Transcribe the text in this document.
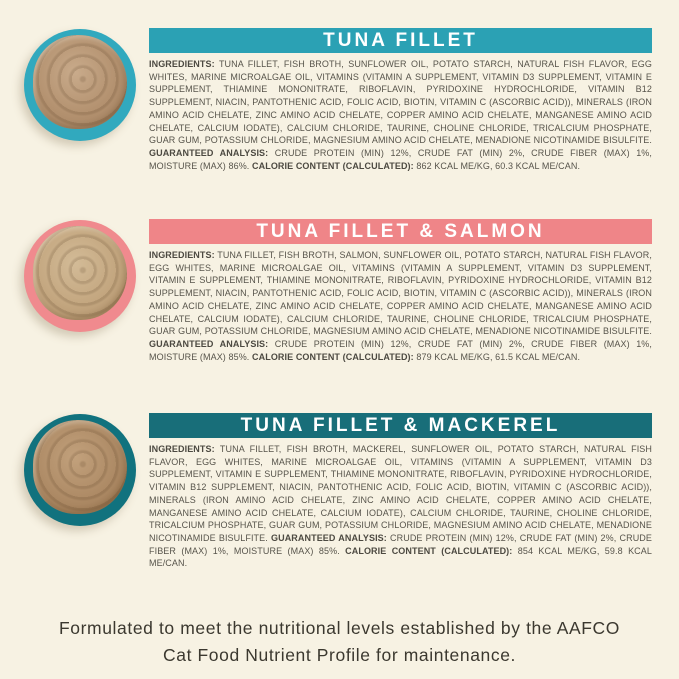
TUNA FILLET

INGREDIENTS: TUNA FILLET, FISH BROTH, SUNFLOWER OIL, POTATO STARCH, NATURAL FISH FLAVOR, EGG WHITES, MARINE MICROALGAE OIL, VITAMINS (VITAMIN A SUPPLEMENT, VITAMIN D3 SUPPLEMENT, VITAMIN E SUPPLEMENT, THIAMINE MONONITRATE, RIBOFLAVIN, PYRIDOXINE HYDROCHLORIDE, VITAMIN B12 SUPPLEMENT, NIACIN, PANTOTHENIC ACID, FOLIC ACID, BIOTIN, VITAMIN C (ASCORBIC ACID)), MINERALS (IRON AMINO ACID CHELATE, ZINC AMINO ACID CHELATE, COPPER AMINO ACID CHELATE, MANGANESE AMINO ACID CHELATE, CALCIUM IODATE), CALCIUM CHLORIDE, TAURINE, CHOLINE CHLORIDE, TRICALCIUM PHOSPHATE, GUAR GUM, POTASSIUM CHLORIDE, MAGNESIUM AMINO ACID CHELATE, MENADIONE NICOTINAMIDE BISULFITE. GUARANTEED ANALYSIS: CRUDE PROTEIN (MIN) 12%, CRUDE FAT (MIN) 2%, CRUDE FIBER (MAX) 1%, MOISTURE (MAX) 86%. CALORIE CONTENT (CALCULATED): 862 KCAL ME/KG, 60.3 KCAL ME/CAN.

TUNA FILLET & SALMON

INGREDIENTS: TUNA FILLET, FISH BROTH, SALMON, SUNFLOWER OIL, POTATO STARCH, NATURAL FISH FLAVOR, EGG WHITES, MARINE MICROALGAE OIL, VITAMINS (VITAMIN A SUPPLEMENT, VITAMIN D3 SUPPLEMENT, VITAMIN E SUPPLEMENT, THIAMINE MONONITRATE, RIBOFLAVIN, PYRIDOXINE HYDROCHLORIDE, VITAMIN B12 SUPPLEMENT, NIACIN, PANTOTHENIC ACID, FOLIC ACID, BIOTIN, VITAMIN C (ASCORBIC ACID)), MINERALS (IRON AMINO ACID CHELATE, ZINC AMINO ACID CHELATE, COPPER AMINO ACID CHELATE, MANGANESE AMINO ACID CHELATE, CALCIUM IODATE), CALCIUM CHLORIDE, TAURINE, CHOLINE CHLORIDE, TRICALCIUM PHOSPHATE, GUAR GUM, POTASSIUM CHLORIDE, MAGNESIUM AMINO ACID CHELATE, MENADIONE NICOTINAMIDE BISULFITE. GUARANTEED ANALYSIS: CRUDE PROTEIN (MIN) 12%, CRUDE FAT (MIN) 2%, CRUDE FIBER (MAX) 1%, MOISTURE (MAX) 85%. CALORIE CONTENT (CALCULATED): 879 KCAL ME/KG, 61.5 KCAL ME/CAN.

TUNA FILLET & MACKEREL

INGREDIENTS: TUNA FILLET, FISH BROTH, MACKEREL, SUNFLOWER OIL, POTATO STARCH, NATURAL FISH FLAVOR, EGG WHITES, MARINE MICROALGAE OIL, VITAMINS (VITAMIN A SUPPLEMENT, VITAMIN D3 SUPPLEMENT, VITAMIN E SUPPLEMENT, THIAMINE MONONITRATE, RIBOFLAVIN, PYRIDOXINE HYDROCHLORIDE, VITAMIN B12 SUPPLEMENT, NIACIN, PANTOTHENIC ACID, FOLIC ACID, BIOTIN, VITAMIN C (ASCORBIC ACID)), MINERALS (IRON AMINO ACID CHELATE, ZINC AMINO ACID CHELATE, COPPER AMINO ACID CHELATE, MANGANESE AMINO ACID CHELATE, CALCIUM IODATE), CALCIUM CHLORIDE, TAURINE, CHOLINE CHLORIDE, TRICALCIUM PHOSPHATE, GUAR GUM, POTASSIUM CHLORIDE, MAGNESIUM AMINO ACID CHELATE, MENADIONE NICOTINAMIDE BISULFITE. GUARANTEED ANALYSIS: CRUDE PROTEIN (MIN) 12%, CRUDE FAT (MIN) 2%, CRUDE FIBER (MAX) 1%, MOISTURE (MAX) 85%. CALORIE CONTENT (CALCULATED): 854 KCAL ME/KG, 59.8 KCAL ME/CAN.

Formulated to meet the nutritional levels established by the AAFCO
Cat Food Nutrient Profile for maintenance.
